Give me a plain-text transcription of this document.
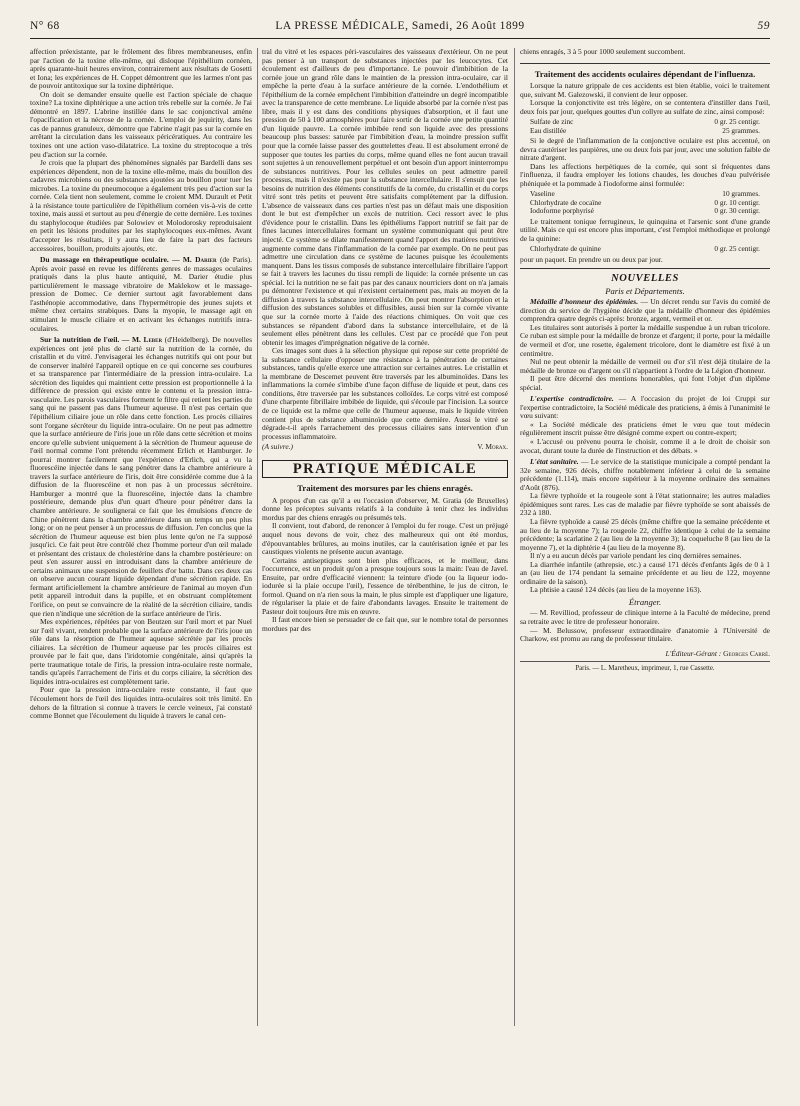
N° 68	LA PRESSE MÉDICALE, Samedi, 26 Août 1899	59

affection préexistante, par le frôlement des fibres membraneuses, enfin par l'action de la toxine elle-même, qui disloque l'épithélium cornéen, après quarante-huit heures environ, contrairement aux résultats de Gosetti et Iona; les expériences de H. Coppet démontrent que les larmes n'ont pas de pouvoir antitoxique sur la toxine diphtérique.

On doit se demander ensuite quelle est l'action spéciale de chaque toxine? La toxine diphtérique a une action très rebelle sur la cornée. Je l'ai démontré en 1897. L'abrine instillée dans le sac conjonctival amène l'opacification et la nécrose de la cornée. L'emploi de jequirity, dans les cas de pannus granuleux, démontre que l'abrine n'agit pas sur la cornée en arrêtant la circulation dans les vaisseaux péricératiques. Au contraire les toxines ont une action vaso-dilatatrice. La toxine du streptocoque a très peu d'action sur la cornée.

Je crois que la plupart des phénomènes signalés par Bardelli dans ses expériences dépendent, non de la toxine elle-même, mais du bouillon des cadavres microbiens ou des substances ajoutées au bouillon pour tuer les microbes. La toxine du pneumocoque a également très peu d'action sur la cornée. Cela tient non seulement, comme le croient MM. Durault et Petit à la résistance toute particulière de l'épithélium cornéen vis-à-vis de cette toxine, mais aussi et surtout au peu d'énergie de cette dernière. Les toxines du staphylocoque étudiées par Solowiev et Molodorosky reproduisaient en petit les lésions produites par les staphylocoques eux-mêmes. Avant d'accepter les résultats, il y aura lieu de faire la part des facteurs accessoires, bouillon, produits ajoutés, etc.

Du massage en thérapeutique oculaire. — M. Darier (de Paris). Après avoir passé en revue les différents genres de massages oculaires pratiqués dans la plus haute antiquité, M. Darier étudie plus particulièrement le massage vibratoire de Maklekow et le massage-pression de Domec. Ce dernier surtout agit favorablement dans l'asthénopie accommodative, dans l'hypermétropie des jeunes sujets et même chez certains strabiques. Dans la myopie, le massage agit en stimulant le muscle ciliaire et en activant les échanges nutritifs intra-oculaires.

Sur la nutrition de l'œil. — M. Leber (d'Heidelberg). De nouvelles expériences ont jeté plus de clarté sur la nutrition de la cornée, du cristallin et du vitré. J'envisagerai les échanges nutritifs qui ont pour but de conserver inaltéré l'appareil optique en ce qui concerne ses courbures et sa transparence par l'intermédiaire de la pression intra-oculaire. La sécrétion des liquides qui maintient cette pression est proportionnelle à la différence de pression qui existe entre le contenu et la pression intra-vasculaire. Les parois vasculaires forment le filtre qui retient les parties du sang qui ne passent pas dans l'humeur aqueuse. Il n'est pas certain que l'épithélium ciliaire joue un rôle dans cette fonction. Les procès ciliaires sont l'organe sécréteur du liquide intra-oculaire. On ne peut pas admettre que la surface antérieure de l'iris joue un rôle dans cette sécrétion et moins encore qu'elle subvient uniquement à la sécrétion de l'humeur aqueuse de l'œil normal comme l'ont prétendu récemment Erlich et Hamburger. Je pourrai montrer facilement que l'expérience d'Erlich, qui a vu la fluorescéine injectée dans le sang pénétrer dans la chambre antérieure à travers la surface antérieure de l'iris, doit être considérée comme due à la diffusion de la fluorescéine et non pas à un processus sécrétoire. Hamburger a montré que la fluorescéine, injectée dans la chambre postérieure, demande plus d'un quart d'heure pour pénétrer dans la chambre antérieure. Je soulignerai ce fait que les émulsions d'encre de Chine pénètrent dans la chambre antérieure dans un temps un peu plus long; or on ne peut penser à un processus de diffusion. J'en conclus que la sécrétion de l'humeur aqueuse est bien plus lente qu'on ne l'a supposé jusqu'ici. Ce fait peut être contrôlé chez l'homme porteur d'un œil malade et présentant des cristaux de cholestérine dans la chambre postérieure: on peut s'en assurer aussi en introduisant dans la chambre antérieure de certains animaux une suspension de feuillets d'or battu. Dans ces deux cas on observe aucun courant liquide dépendant d'une sécrétion rapide. En fermant artificiellement la chambre antérieure de l'animal au moyen d'un petit appareil introduit dans la pupille, et en obstruant complètement l'orifice, on peut se convaincre de la réalité de la sécrétion ciliaire, tandis que rien n'indique une sécrétion de la surface antérieure de l'iris.

Mes expériences, répétées par von Beutzen sur l'œil mort et par Nuel sur l'œil vivant, rendent probable que la surface antérieure de l'iris joue un rôle dans la résorption de l'humeur aqueuse sécrétée par les procès ciliaires. La sécrétion de l'humeur aqueuse par les procès ciliaires est prouvée par le fait que, dans l'iridotomie congénitale, ainsi qu'après la perte traumatique totale de l'iris, la pression intra-oculaire reste normale, tandis qu'après l'arrachement de l'iris et du corps ciliaire, la sécrétion des liquides intra-oculaires est complètement tarie.

Pour que la pression intra-oculaire reste constante, il faut que l'écoulement hors de l'œil des liquides intra-oculaires soit très limité. En dehors de la filtration si connue à travers le cercle veineux, j'ai constaté comme Bonnet que l'écoulement du liquide à travers le canal cen-

tral du vitré et les espaces péri-vasculaires des vaisseaux d'extérieur. On ne peut pas penser à un transport de substances injectées par les leucocytes. Cet écoulement est d'ailleurs de peu d'importance. Le pouvoir d'imbibition de la cornée joue un grand rôle dans le maintien de la pression intra-oculaire, car il empêche la perte d'eau à la surface antérieure de la cornée. L'endothélium et l'épithélium de la cornée empêchent l'imbibition d'atteindre un degré incompatible avec la transparence de cette membrane. Le liquide absorbé par la cornée n'est pas libre, mais il y est dans des conditions physiques d'absorption, et il faut une pression de 50 à 100 atmosphères pour faire sortir de la cornée une petite quantité d'un liquide pauvre. La cornée imbibée rend son liquide avec des pressions beaucoup plus basses: saturée par l'imbibition d'eau, la moindre pression suffit pour que la cornée laisse passer des gouttelettes d'eau. Il est absolument erroné de supposer que toutes les parties du corps, même quand elles ne font aucun travail sont sujettes à un renouvellement perpétuel et ont besoin d'un apport ininterrompu de substances nutritives. Pour les cellules seules on peut admettre pareil processus, mais il n'existe pas pour la substance intercellulaire. Il s'ensuit que les besoins de nutrition des éléments constitutifs de la cornée, du cristallin et du corps vitré sont très petits et peuvent être satisfaits complètement par la diffusion. L'absence de vaisseaux dans ces parties n'est pas un défaut mais une disposition dont le but est d'empêcher un excès de nutrition. Ceci ressort avec le plus d'évidence pour le cristallin. Dans les épithéliums l'apport nutritif se fait par de fines lacunes intercellulaires formant un système communiquant qui peut être injecté. Ce système se dilate manifestement quand l'apport des matières nutritives augmente comme dans l'inflammation de la cornée par exemple. On ne peut pas admettre une circulation dans ce système de lacunes puisque les écoulements manquent. Dans les tissus composés de substance intercellulaire fibrillaire l'apport se fait à travers les lacunes du tissu rempli de liquide: la cornée présente un cas spécial. Ici la nutrition ne se fait pas par des canaux nourriciers dont on n'a jamais pu démontrer l'existence et qui n'existent certainement pas, mais au moyen de la diffusion à travers la substance intercellulaire. On peut montrer l'absorption et la diffusion des substances solubles et diffusibles, aussi bien sur la cornée vivante que sur la cornée morte à l'aide des réactions chimiques. On voit que ces substances se répandent d'abord dans la substance intercellulaire, et de là seulement elles pénètrent dans les cellules. C'est par ce procédé que l'on peut obtenir les images d'imprégnation négative de la cornée.

Ces images sont dues à la sélection physique qui repose sur cette propriété de la substance cellulaire d'opposer une résistance à la pénétration de certaines substances, tandis qu'elle exerce une attraction sur certaines autres. Le cristallin et la membrane de Descemet peuvent être traversés par les albuminoïdes. Dans les inflammations la cornée s'imbibe d'une façon diffuse de liquide et peut, dans ces conditions, être traversée par les substances colloïdes. Le corps vitré est composé d'une charpente fibrillaire imbibée de liquide, qui s'écoule par l'incision. La source de ce liquide est la même que celle de l'humeur aqueuse, mais le liquide vitréen contient plus de substance albuminoïde que cette dernière. Aussi le vitré se dégrade-t-il après l'arrachement des processus ciliaires sans intervention d'un processus inflammatoire.

(A suivre.)	V. Morax.
PRATIQUE MÉDICALE
Traitement des morsures par les chiens enragés.

A propos d'un cas qu'il a eu l'occasion d'observer, M. Gratia (de Bruxelles) donne les préceptes suivants relatifs à la conduite à tenir chez les individus mordus par des chiens enragés ou présumés tels.

Il convient, tout d'abord, de renoncer à l'emploi du fer rouge. C'est un préjugé auquel nous devons de voir, chez des malheureux qui ont été mordus, d'épouvantables brûlures, au moins inutiles, car la cautérisation ignée et par les caustiques violents ne présente aucun avantage.

Certains antiseptiques sont bien plus efficaces, et le meilleur, dans l'occurrence, est un produit qu'on a presque toujours sous la main: l'eau de Javel. Ensuite, par ordre d'efficacité viennent: la teinture d'iode (ou la liqueur iodo-iodurée si la plaie occupe l'œil), l'essence de térébenthine, le jus de citron, le formol. Quand on n'a rien sous la main, le plus simple est d'appliquer une ligature, de régulariser la plaie et de faire d'abondants lavages. Ensuite le traitement de Pasteur doit toujours être mis en œuvre.

Il faut encore bien se persuader de ce fait que, sur le nombre total de personnes mordues par des

chiens enragés, 3 à 5 pour 1000 seulement succombent.

Traitement des accidents oculaires dépendant de l'influenza.

Lorsque la nature grippale de ces accidents est bien établie, voici le traitement que, suivant M. Galezowski, il convient de leur opposer.

Lorsque la conjonctivite est très légère, on se contentera d'instiller dans l'œil, deux fois par jour, quelques gouttes d'un collyre au sulfate de zinc, ainsi composé:

Sulfate de zinc	0 gr. 25 centigr.
Eau distillée	25 grammes.

Si le degré de l'inflammation de la conjonctive oculaire est plus accentué, on devra cautériser les paupières, une ou deux fois par jour, avec une solution faible de nitrate d'argent.

Dans les affections herpétiques de la cornée, qui sont si fréquentes dans l'influenza, il faudra employer les lotions chaudes, les douches d'eau pulvérisée phéniquée et la pommade à l'iodoforme ainsi formulée:

Vaseline	10 grammes.
Chlorhydrate de cocaïne	0 gr. 10 centigr.
Iodoforme porphyrisé	0 gr. 30 centigr.

Le traitement tonique ferrugineux, le quinquina et l'arsenic sont d'une grande utilité. Mais ce qui est encore plus important, c'est l'emploi méthodique et prolongé de la quinine:

Chlorhydrate de quinine	0 gr. 25 centigr.

pour un paquet. En prendre un ou deux par jour.

NOUVELLES
Paris et Départements.

Médaille d'honneur des épidémies. — Un décret rendu sur l'avis du comité de direction du service de l'hygiène décide que la médaille d'honneur des épidémies comprendra quatre degrés ci-après: bronze, argent, vermeil et or.

Les titulaires sont autorisés à porter la médaille suspendue à un ruban tricolore. Ce ruban est simple pour la médaille de bronze et d'argent; il porte, pour la médaille de vermeil et d'or, une rosette, également tricolore, dont le diamètre est fixé à un centimètre.

Nul ne peut obtenir la médaille de vermeil ou d'or s'il n'est déjà titulaire de la médaille de bronze ou d'argent ou s'il n'appartient à l'ordre de la Légion d'honneur.

Il peut être décerné des mentions honorables, qui font l'objet d'un diplôme spécial.

L'expertise contradictoire. — A l'occasion du projet de loi Cruppi sur l'expertise contradictoire, la Société médicale des praticiens, à émis à l'unanimité le vœu suivant:

« La Société médicale des praticiens émet le vœu que tout médecin régulièrement inscrit puisse être désigné comme expert ou contre-expert;

« L'accusé ou prévenu pourra le choisir, comme il a le droit de choisir son avocat, durant toute la durée de l'instruction et des débats. »

L'état sanitaire. — Le service de la statistique municipale a compté pendant la 32e semaine, 926 décès, chiffre notablement inférieur à celui de la semaine précédente (1.114), mais encore supérieur à la moyenne ordinaire des semaines d'Août (876).

La fièvre typhoïde et la rougeole sont à l'état stationnaire; les autres maladies épidémiques sont rares. Les cas de maladie par fièvre typhoïde se sont abaissés de 232 à 180.

La fièvre typhoïde a causé 25 décès (même chiffre que la semaine précédente et au lieu de la moyenne 7); la rougeole 22, chiffre identique à celui de la semaine précédente; la scarlatine 2 (au lieu de la moyenne 3); la coqueluche 8 (au lieu de la moyenne 7), et la diphtérie 4 (au lieu de la moyenne 8).

Il n'y a eu aucun décès par variole pendant les cinq dernières semaines.

La diarrhée infantile (athrepsie, etc.) a causé 171 décès d'enfants âgés de 0 à 1 an (au lieu de 174 pendant la semaine précédente et au lieu de 122, moyenne ordinaire de la saison).

La phtisie a causé 124 décès (au lieu de la moyenne 163).

Étranger.

— M. Revilliod, professeur de clinique interne à la Faculté de médecine, prend sa retraite avec le titre de professeur honoraire.

— M. Belussow, professeur extraordinaire d'anatomie à l'Université de Charkow, est promu au rang de professeur titulaire.

L'Éditeur-Gérant : Georges Carré.
Paris. — L. Maretheux, imprimeur, 1, rue Cassette.
